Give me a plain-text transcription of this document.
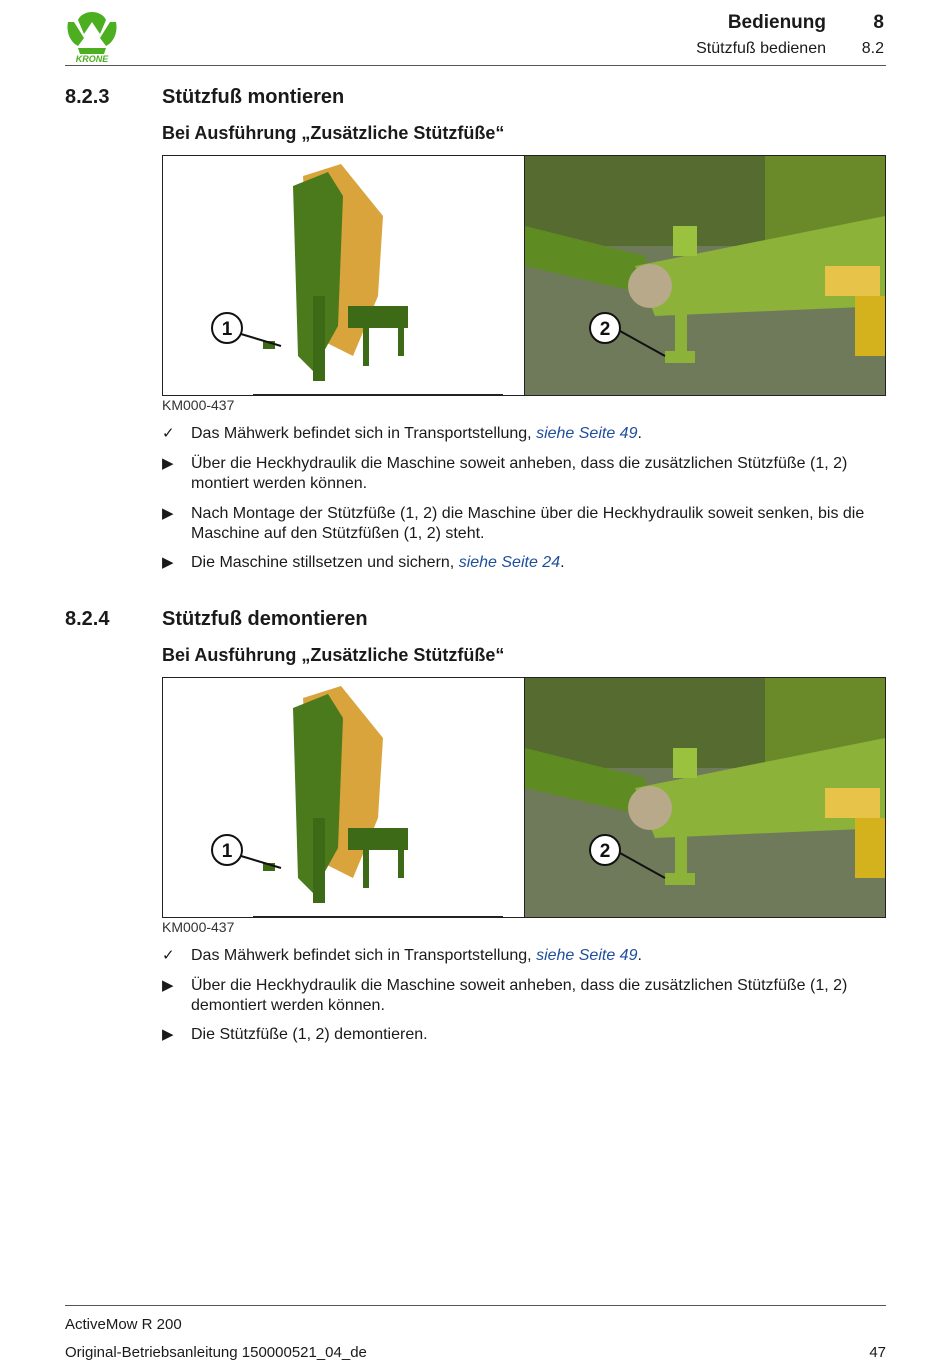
KRONE
Bedienung 8
Stützfuß bedienen 8.2
8.2.3	Stützfuß montieren
Bei Ausführung „Zusätzliche Stützfüße“
1	2
KM000-437
✓	Das Mähwerk befindet sich in Transportstellung, siehe Seite 49.
▶	Über die Heckhydraulik die Maschine soweit anheben, dass die zusätzlichen Stützfüße (1, 2) montiert werden können.
▶	Nach Montage der Stützfüße (1, 2) die Maschine über die Heckhydraulik soweit senken, bis die Maschine auf den Stützfüßen (1, 2) steht.
▶	Die Maschine stillsetzen und sichern, siehe Seite 24.
8.2.4	Stützfuß demontieren
Bei Ausführung „Zusätzliche Stützfüße“
1	2
KM000-437
✓	Das Mähwerk befindet sich in Transportstellung, siehe Seite 49.
▶	Über die Heckhydraulik die Maschine soweit anheben, dass die zusätzlichen Stützfüße (1, 2) demontiert werden können.
▶	Die Stützfüße (1, 2) demontieren.
ActiveMow R 200
Original-Betriebsanleitung 150000521_04_de	47
